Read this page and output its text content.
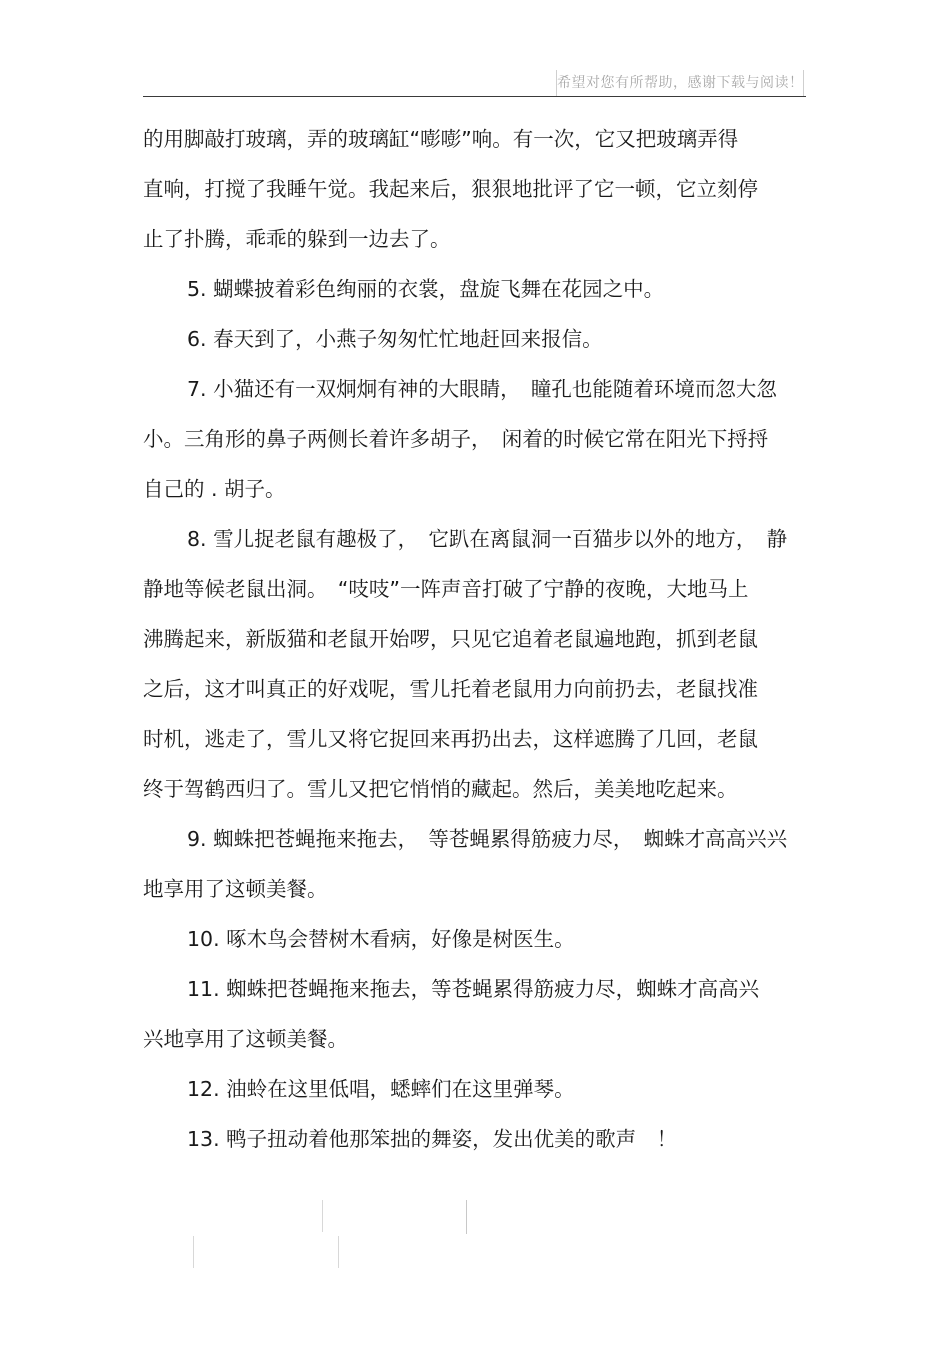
希望对您有所帮助，感谢下载与阅读！
的用脚敲打玻璃，弄的玻璃缸“嘭嘭”响。有一次，它又把玻璃弄得
直响，打搅了我睡午觉。我起来后，狠狠地批评了它一顿，它立刻停
止了扑腾，乖乖的躲到一边去了。
5. 蝴蝶披着彩色绚丽的衣裳，盘旋飞舞在花园之中。
6. 春天到了，小燕子匆匆忙忙地赶回来报信。
7. 小猫还有一双炯炯有神的大眼睛，　瞳孔也能随着环境而忽大忽
小。三角形的鼻子两侧长着许多胡子，　闲着的时候它常在阳光下捋捋
自己的 . 胡子。
8. 雪儿捉老鼠有趣极了，　它趴在离鼠洞一百猫步以外的地方，　静
静地等候老鼠出洞。　“吱吱”一阵声音打破了宁静的夜晚，大地马上
沸腾起来，新版猫和老鼠开始啰，只见它追着老鼠遍地跑，抓到老鼠
之后，这才叫真正的好戏呢，雪儿托着老鼠用力向前扔去，老鼠找准
时机，逃走了，雪儿又将它捉回来再扔出去，这样遮腾了几回，老鼠
终于驾鹤西归了。雪儿又把它悄悄的藏起。然后，美美地吃起来。
9. 蜘蛛把苍蝇拖来拖去，　等苍蝇累得筋疲力尽，　蜘蛛才高高兴兴
地享用了这顿美餐。
10. 啄木鸟会替树木看病，好像是树医生。
11. 蜘蛛把苍蝇拖来拖去，等苍蝇累得筋疲力尽，蜘蛛才高高兴
兴地享用了这顿美餐。
12. 油蛉在这里低唱，蟋蟀们在这里弹琴。
13. 鸭子扭动着他那笨拙的舞姿，发出优美的歌声　！
